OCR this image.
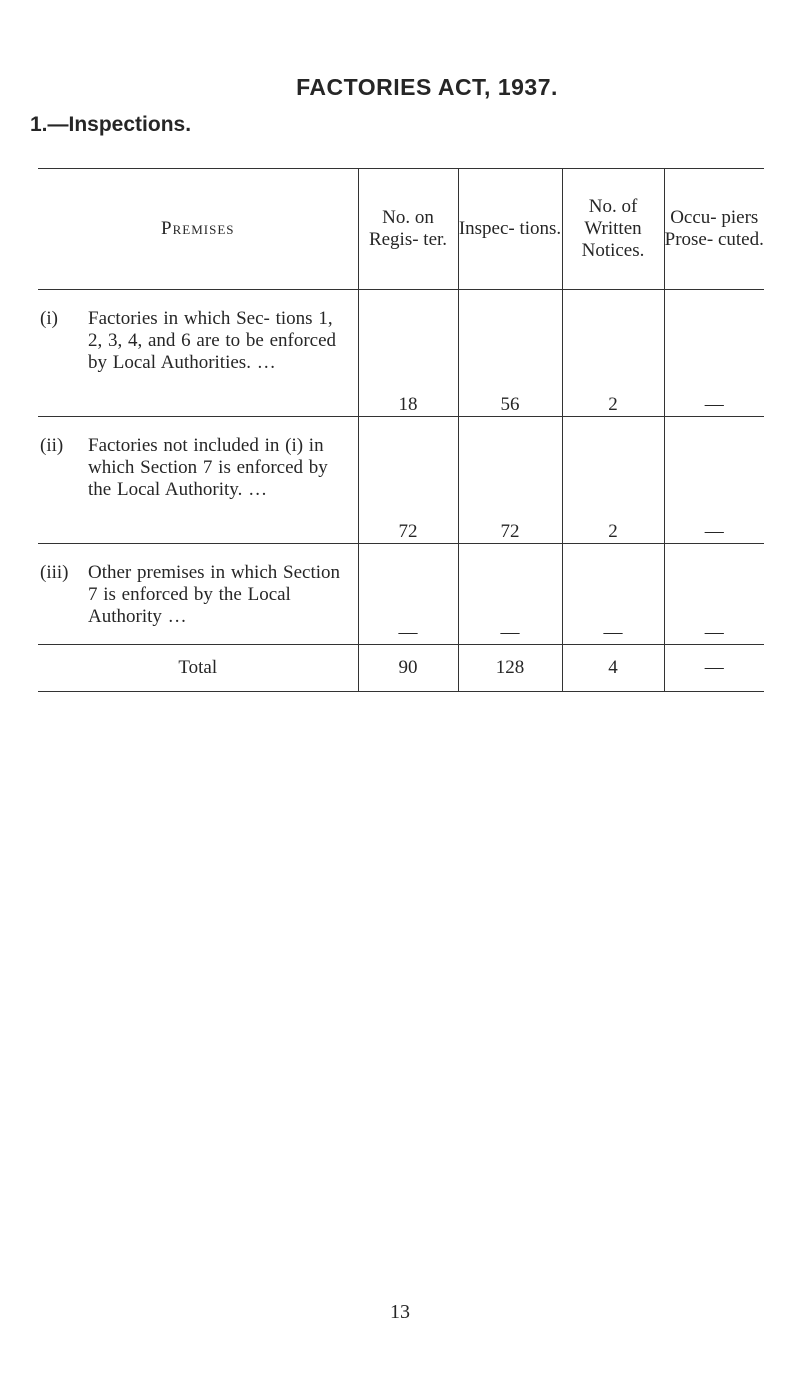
FACTORIES ACT, 1937.
1.—Inspections.
Premises	No. on Regis- ter.	Inspec- tions.	No. of Written Notices.	Occu- piers Prose- cuted.

(i) Factories in which Sec- tions 1, 2, 3, 4, and 6 are to be enforced by Local Authorities. …	18	56	2	—

(ii) Factories not included in (i) in which Section 7 is enforced by the Local Authority. …	72	72	2	—

(iii) Other premises in which Section 7 is enforced by the Local Authority …	—	—	—	—
Total	90	128	4	—
13
